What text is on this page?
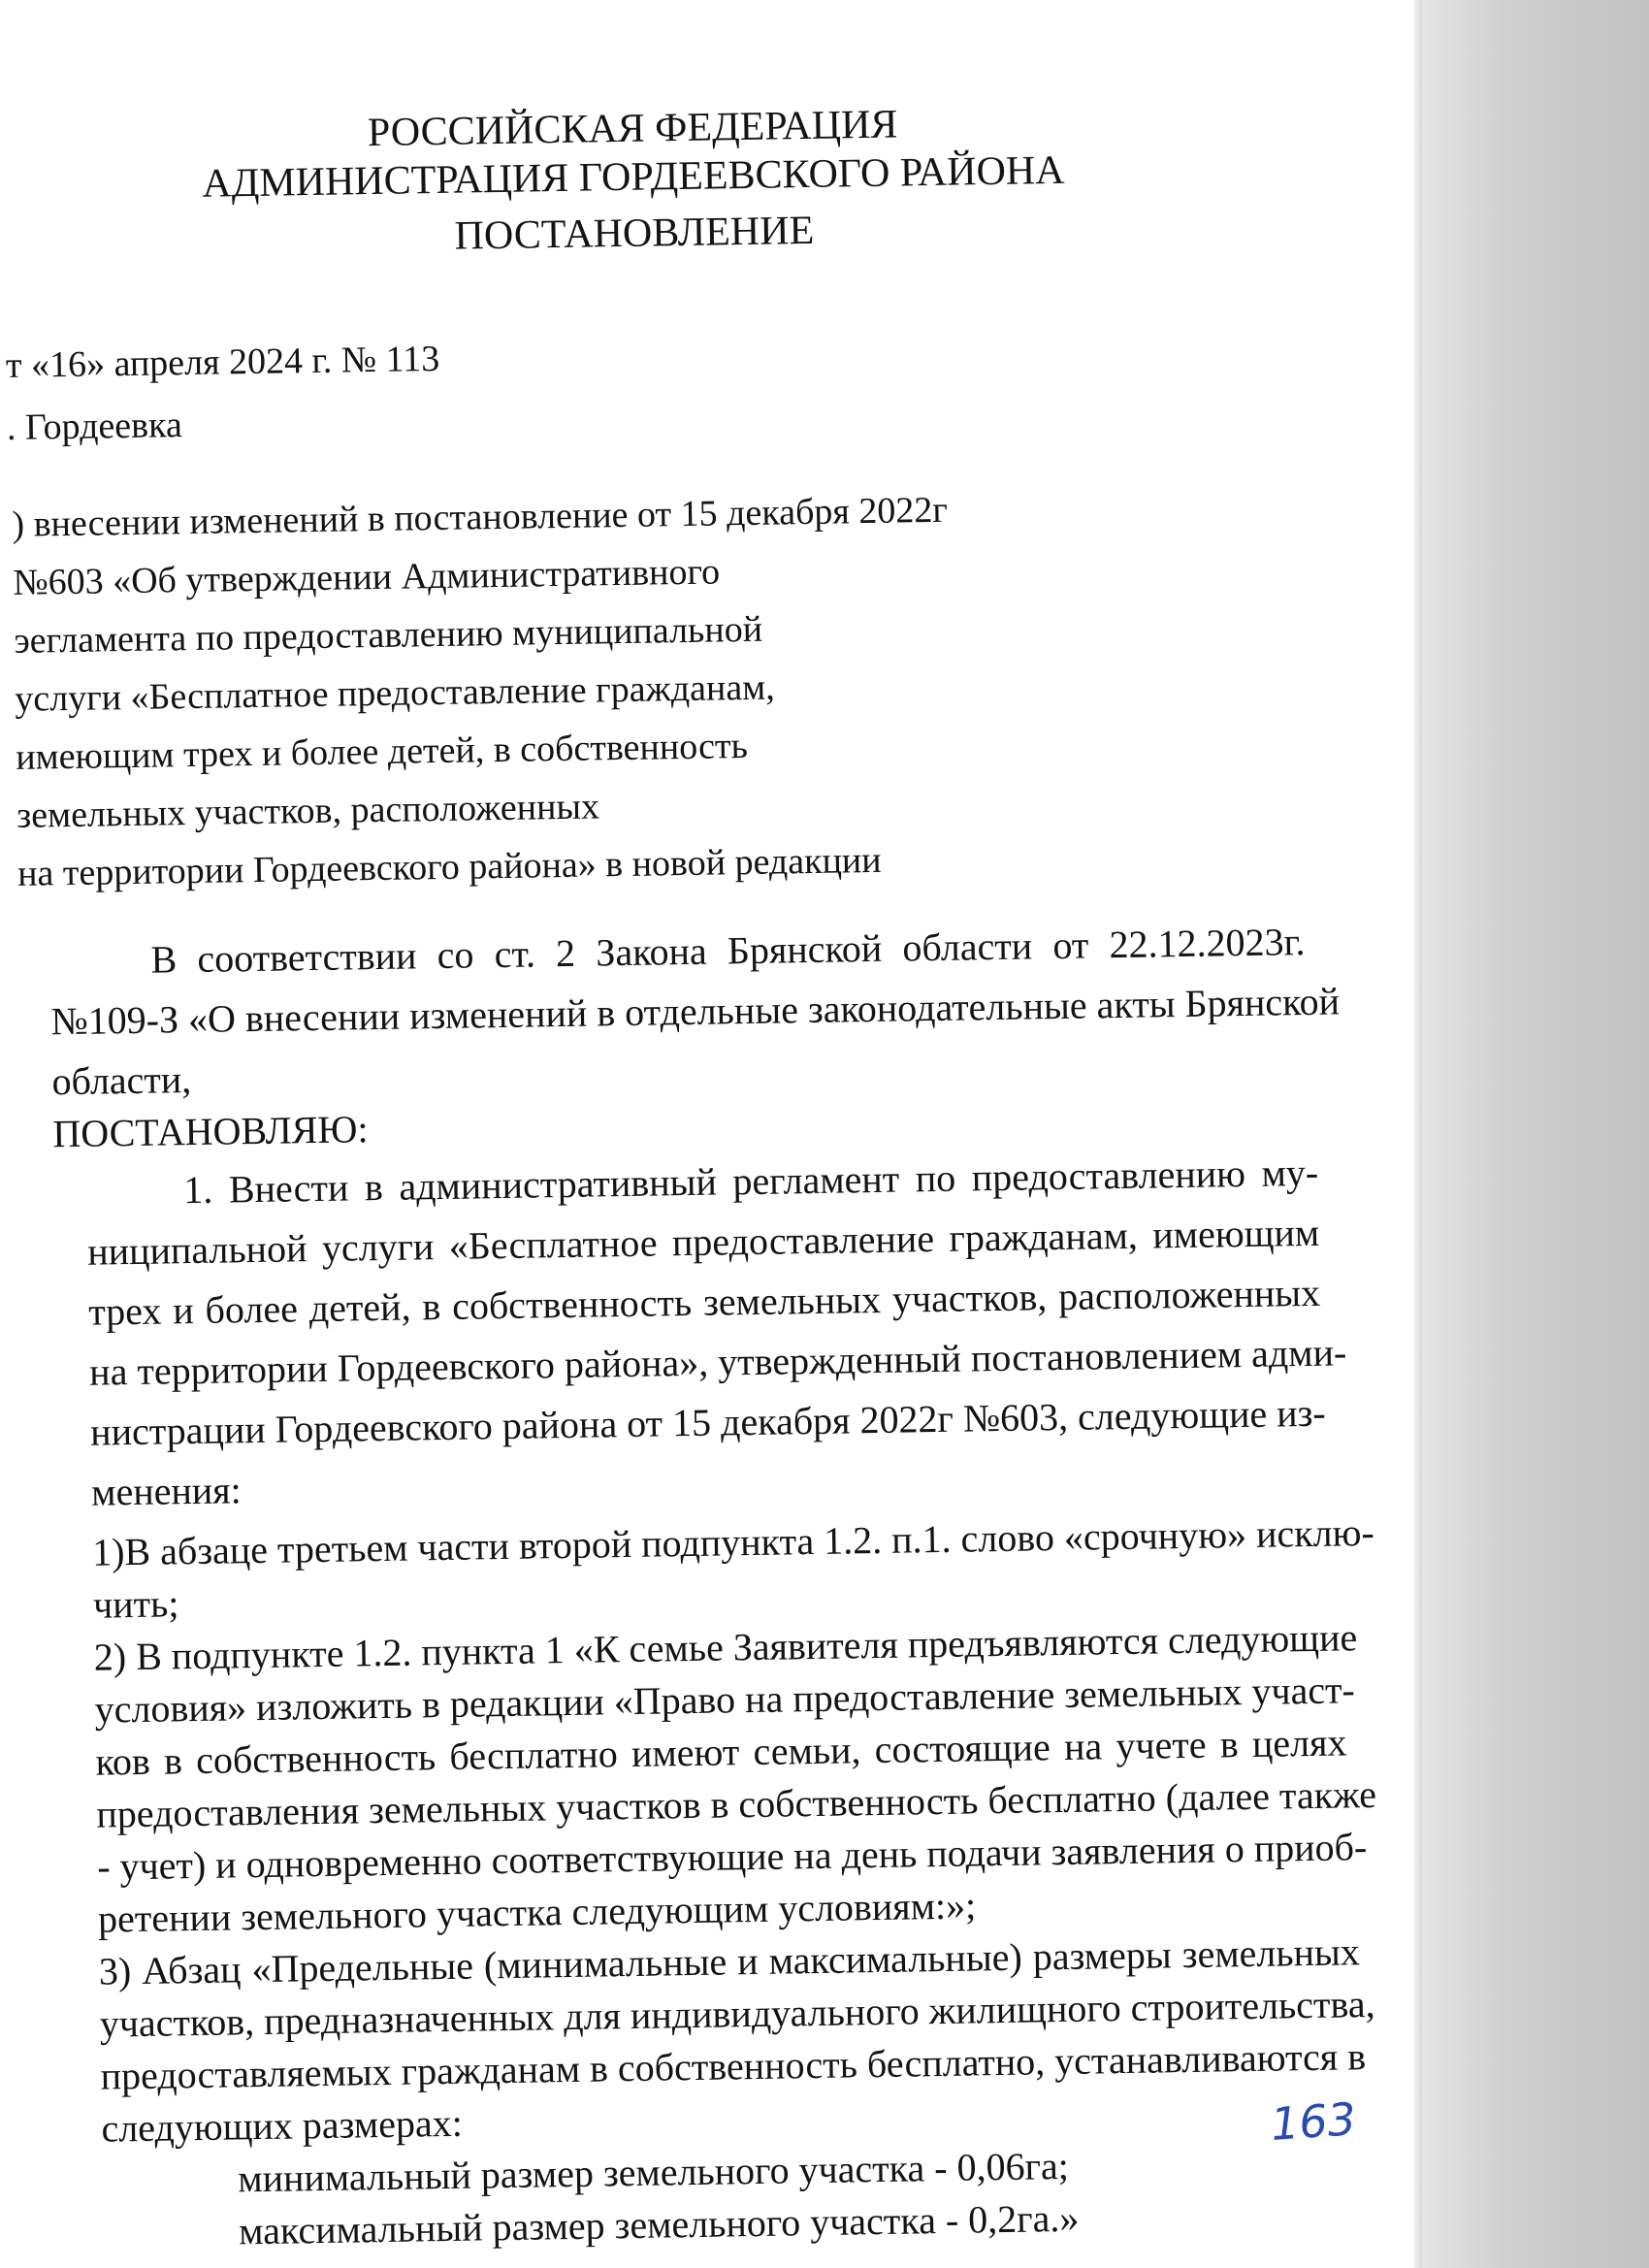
РОССИЙСКАЯ ФЕДЕРАЦИЯ
АДМИНИСТРАЦИЯ ГОРДЕЕВСКОГО РАЙОНА
ПОСТАНОВЛЕНИЕ
т «16» апреля 2024 г. № 113
. Гордеевка
) внесении изменений в постановление от 15 декабря 2022г
№603 «Об утверждении Административного
эегламента по предоставлению муниципальной
услуги «Бесплатное предоставление гражданам,
имеющим трех и более детей, в собственность
земельных участков, расположенных
на территории Гордеевского района» в новой редакции
В соответствии со ст. 2 Закона Брянской области от 22.12.2023г.
№109-З «О внесении изменений в отдельные законодательные акты Брянской
области,
ПОСТАНОВЛЯЮ:
1. Внести в административный регламент по предоставлению му-
ниципальной услуги «Бесплатное предоставление гражданам, имеющим
трех и более детей, в собственность земельных участков, расположенных
на территории Гордеевского района», утвержденный постановлением адми-
нистрации Гордеевского района от 15 декабря 2022г №603, следующие из-
менения:
1)В абзаце третьем части второй подпункта 1.2. п.1. слово «срочную» исклю-
чить;
2) В подпункте 1.2. пункта 1 «К семье Заявителя предъявляются следующие
условия» изложить в редакции «Право на предоставление земельных участ-
ков в собственность бесплатно имеют семьи, состоящие на учете в целях
предоставления земельных участков в собственность бесплатно (далее также
- учет) и одновременно соответствующие на день подачи заявления о приоб-
ретении земельного участка следующим условиям:»;
3) Абзац «Предельные (минимальные и максимальные) размеры земельных
участков, предназначенных для индивидуального жилищного строительства,
предоставляемых гражданам в собственность бесплатно, устанавливаются в
следующих размерах:
минимальный размер земельного участка - 0,06га;
максимальный размер земельного участка - 0,2га.»
163
